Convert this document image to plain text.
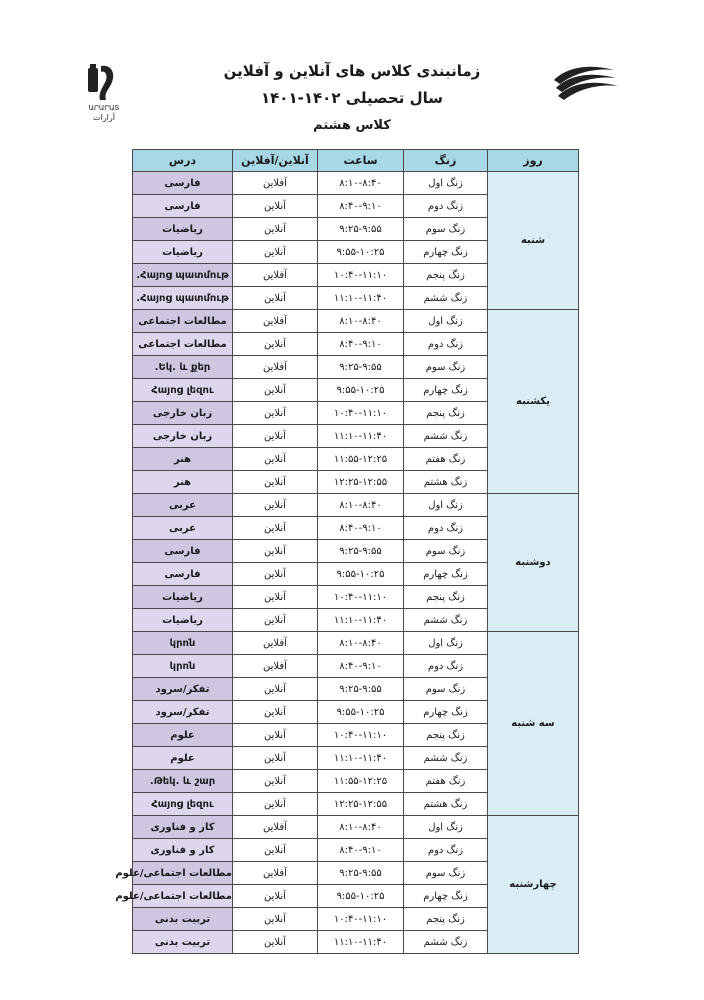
ԱՐԱՐԱՏ
آرارات

زمانبندی کلاس های آنلاین و آفلاین

سال تحصیلی ۱۴۰۲-۱۴۰۱

کلاس هشتم

روز	زنگ	ساعت	آنلاین/آفلاین	درس
شنبه	زنگ اول	۸:۱۰-۸:۴۰	آفلاین	فارسی
	زنگ دوم	۸:۴۰-۹:۱۰	آنلاین	فارسی
	زنگ سوم	۹:۲۵-۹:۵۵	آنلاین	ریاضیات
	زنگ چهارم	۹:۵۵-۱۰:۲۵	آنلاین	ریاضیات
	زنگ پنجم	۱۰:۴۰-۱۱:۱۰	آفلاین	Հայոց պատմութ.
	زنگ ششم	۱۱:۱۰-۱۱:۴۰	آنلاین	Հայոց պատմութ.
یکشنبه	زنگ اول	۸:۱۰-۸:۴۰	آفلاین	مطالعات اجتماعی
	زنگ دوم	۸:۴۰-۹:۱۰	آنلاین	مطالعات اجتماعی
	زنگ سوم	۹:۲۵-۹:۵۵	آفلاین	Եկ. և քեր.
	زنگ چهارم	۹:۵۵-۱۰:۲۵	آنلاین	Հայոց լեզու
	زنگ پنجم	۱۰:۴۰-۱۱:۱۰	آنلاین	زبان خارجی
	زنگ ششم	۱۱:۱۰-۱۱:۴۰	آنلاین	زبان خارجی
	زنگ هفتم	۱۱:۵۵-۱۲:۲۵	آنلاین	هنر
	زنگ هشتم	۱۲:۲۵-۱۲:۵۵	آنلاین	هنر
دوشنبه	زنگ اول	۸:۱۰-۸:۴۰	آنلاین	عربی
	زنگ دوم	۸:۴۰-۹:۱۰	آنلاین	عربی
	زنگ سوم	۹:۲۵-۹:۵۵	آنلاین	فارسی
	زنگ چهارم	۹:۵۵-۱۰:۲۵	آنلاین	فارسی
	زنگ پنجم	۱۰:۴۰-۱۱:۱۰	آنلاین	ریاضیات
	زنگ ششم	۱۱:۱۰-۱۱:۴۰	آنلاین	ریاضیات
سه شنبه	زنگ اول	۸:۱۰-۸:۴۰	آفلاین	կրոն
	زنگ دوم	۸:۴۰-۹:۱۰	آفلاین	կրոն
	زنگ سوم	۹:۲۵-۹:۵۵	آنلاین	تفکر/سرود
	زنگ چهارم	۹:۵۵-۱۰:۲۵	آنلاین	تفکر/سرود
	زنگ پنجم	۱۰:۴۰-۱۱:۱۰	آنلاین	علوم
	زنگ ششم	۱۱:۱۰-۱۱:۴۰	آنلاین	علوم
	زنگ هفتم	۱۱:۵۵-۱۲:۲۵	آنلاین	Թեկ. և շար.
	زنگ هشتم	۱۲:۲۵-۱۲:۵۵	آنلاین	Հայոց լեզու
چهارشنبه	زنگ اول	۸:۱۰-۸:۴۰	آفلاین	کار و فناوری
	زنگ دوم	۸:۴۰-۹:۱۰	آنلاین	کار و فناوری
	زنگ سوم	۹:۲۵-۹:۵۵	آفلاین	مطالعات اجتماعی/علوم
	زنگ چهارم	۹:۵۵-۱۰:۲۵	آنلاین	مطالعات اجتماعی/علوم
	زنگ پنجم	۱۰:۴۰-۱۱:۱۰	آنلاین	تربیت بدنی
	زنگ ششم	۱۱:۱۰-۱۱:۴۰	آنلاین	تربیت بدنی
